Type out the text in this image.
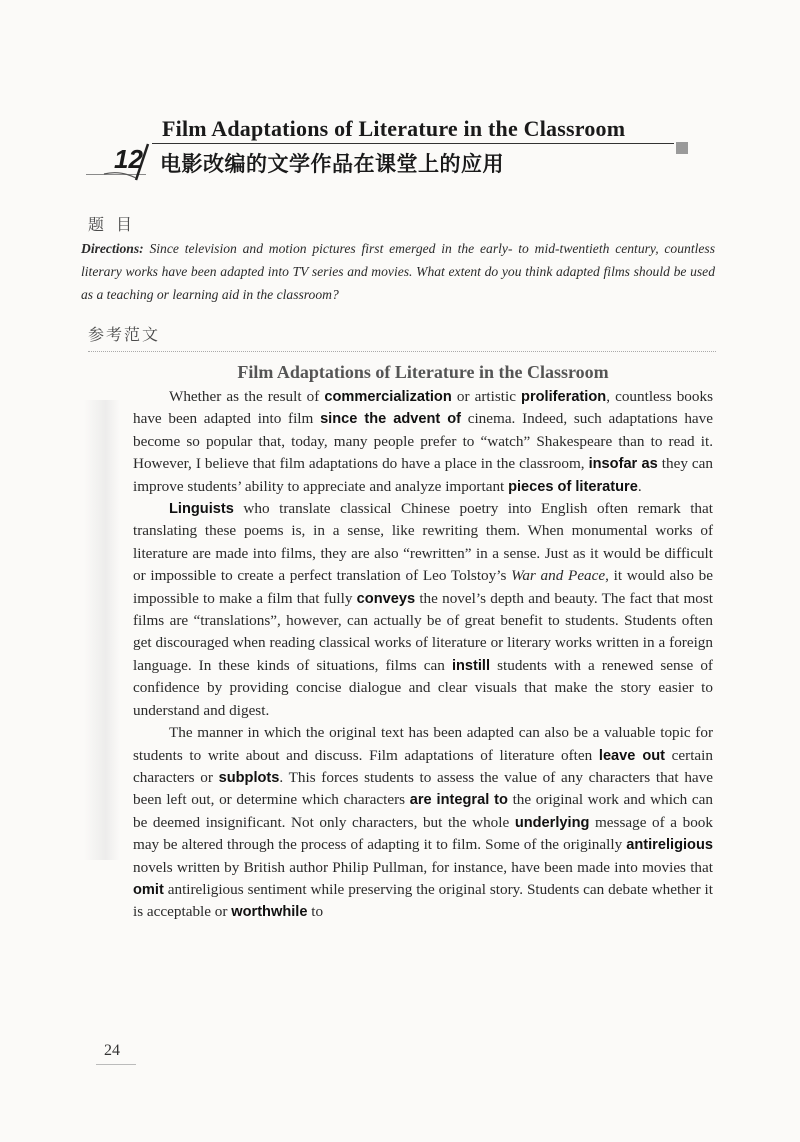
Film Adaptations of Literature in the Classroom
12 电影改编的文学作品在课堂上的应用
题目
Directions: Since television and motion pictures first emerged in the early- to mid-twentieth century, countless literary works have been adapted into TV series and movies. What extent do you think adapted films should be used as a teaching or learning aid in the classroom?
参考范文
Film Adaptations of Literature in the Classroom

Whether as the result of commercialization or artistic proliferation, countless books have been adapted into film since the advent of cinema. Indeed, such adaptations have become so popular that, today, many people prefer to “watch” Shakespeare than to read it. However, I believe that film adaptations do have a place in the classroom, insofar as they can improve students’ ability to appreciate and analyze important pieces of literature.

Linguists who translate classical Chinese poetry into English often remark that translating these poems is, in a sense, like rewriting them. When monumental works of literature are made into films, they are also “rewritten” in a sense. Just as it would be difficult or impossible to create a perfect translation of Leo Tolstoy’s War and Peace, it would also be impossible to make a film that fully conveys the novel’s depth and beauty. The fact that most films are “translations”, however, can actually be of great benefit to students. Students often get discouraged when reading classical works of literature or literary works written in a foreign language. In these kinds of situations, films can instill students with a renewed sense of confidence by providing concise dialogue and clear visuals that make the story easier to understand and digest.

The manner in which the original text has been adapted can also be a valuable topic for students to write about and discuss. Film adaptations of literature often leave out certain characters or subplots. This forces students to assess the value of any characters that have been left out, or determine which characters are integral to the original work and which can be deemed insignificant. Not only characters, but the whole underlying message of a book may be altered through the process of adapting it to film. Some of the originally antireligious novels written by British author Philip Pullman, for instance, have been made into movies that omit antireligious sentiment while preserving the original story. Students can debate whether it is acceptable or worthwhile to

24
